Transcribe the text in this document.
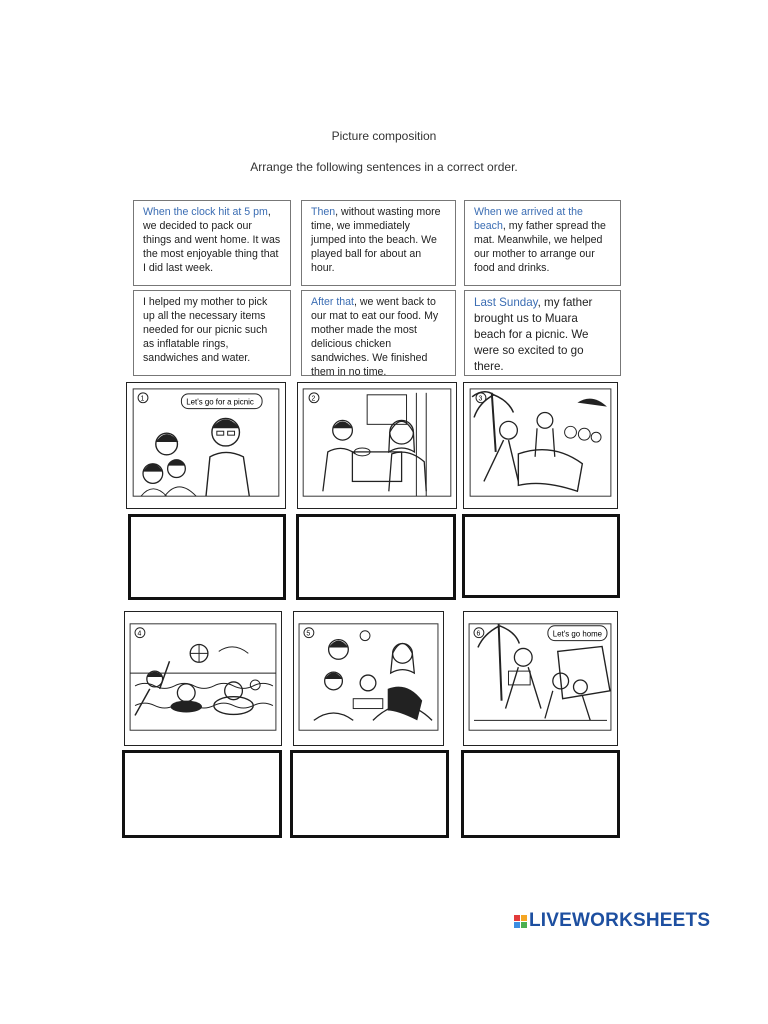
Picture composition
Arrange the following sentences in a correct order.
When the clock hit at 5 pm, we decided to pack our things and went home. It was the most enjoyable thing that I did last week.
Then, without wasting more time, we immediately jumped into the beach. We played ball for about an hour.
When we arrived at the beach, my father spread the mat. Meanwhile, we helped our mother to arrange our food and drinks.
I helped my mother to pick up all the necessary items needed for our picnic such as inflatable rings, sandwiches and water.
After that, we went back to our mat to eat our food. My mother made the most delicious chicken sandwiches. We finished them in no time.
Last Sunday, my father brought us to Muara beach for a picnic. We were so excited to go there.
1	Let's go for a picnic	2	3
4	5	6	Let's go home
LIVEWORKSHEETS
